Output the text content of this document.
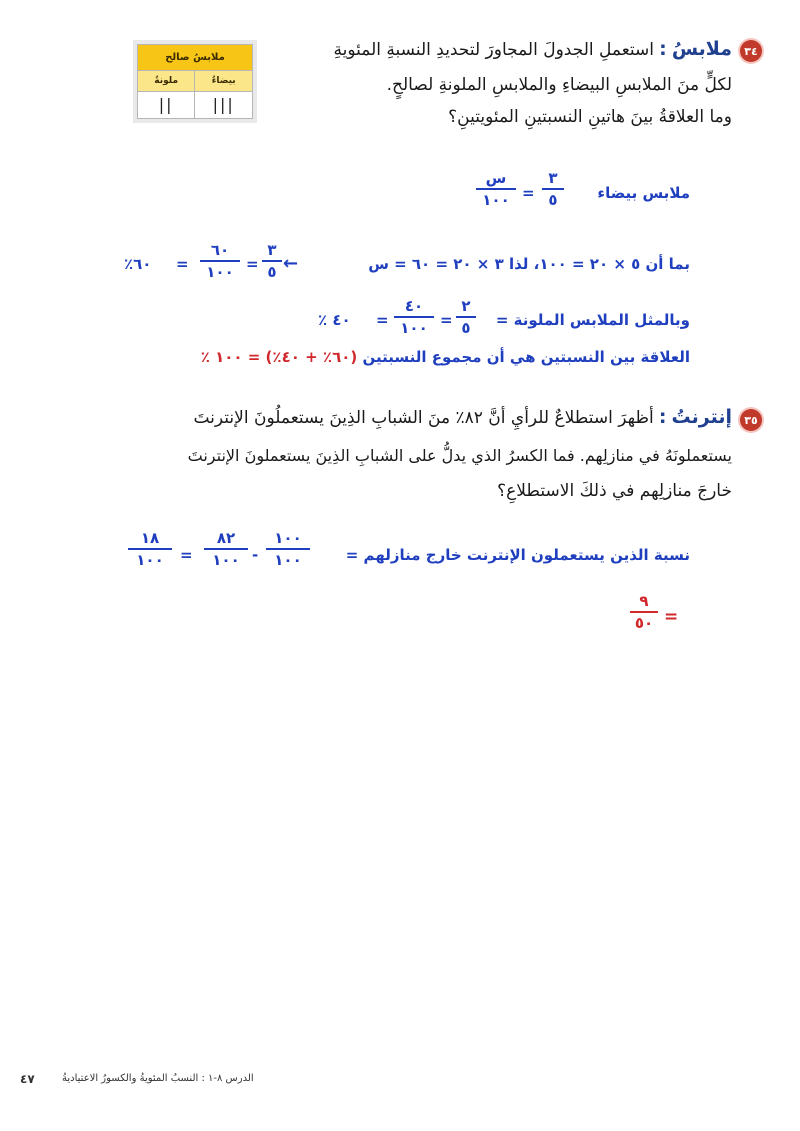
٣٤
ملابسُ : استعملِ الجدولَ المجاورَ لتحديدِ النسبةِ المئويةِ
لكلٍّ منَ الملابسِ البيضاءِ والملابسِ الملونةِ لصالحٍ.
وما العلاقةُ بينَ هاتينِ النسبتينِ المئويتينِ؟
ملابسُ صالح	
بيضاءُ	ملونةُ
|||	||
ملابس بيضاء
٣
٥
=
س
١٠٠
بما أن ٥ × ٢٠ = ١٠٠، لذا ٣ × ٢٠ = ٦٠ = س
←
٣
٥
=
٦٠
١٠٠
=
٪٦٠
وبالمثل الملابس الملونة =
٢
٥
=
٤٠
١٠٠
=
٪ ٤٠
العلاقة بين النسبتين هي أن مجموع النسبتين (٦٠٪ + ٤٠٪) = ١٠٠ ٪
٣٥
إنترنتُ : أظهرَ استطلاعٌ للرأيِ أنَّ ٨٢٪ منَ الشبابِ الذِينَ يستعملُونَ الإنترنتَ
يستعملونَهُ في منازلِهم. فما الكسرُ الذي يدلُّ على الشبابِ الذِينَ يستعملونَ الإنترنتَ
خارجَ منازلِهم في ذلكَ الاستطلاعِ؟
نسبة الذين يستعملون الإنترنت خارج منازلهم =
١٠٠
١٠٠
-
٨٢
١٠٠
=
١٨
١٠٠
٩
٥٠ =
٤٧	الدرس ٨-١ : النسبُ المئويةُ والكسورُ الاعتياديةُ
